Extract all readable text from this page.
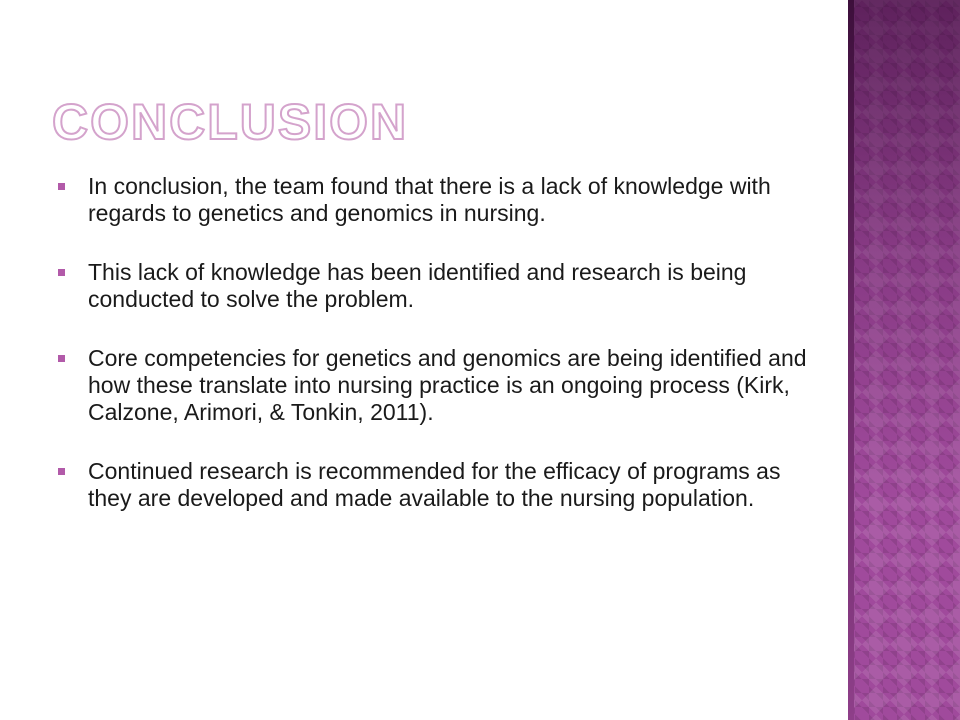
CONCLUSION
In conclusion, the team found that there is a lack of knowledge with regards to genetics and genomics in nursing.
This lack of knowledge has been identified and research is being conducted to solve the problem.
Core competencies for genetics and genomics are being identified and how these translate into nursing practice is an ongoing process (Kirk, Calzone, Arimori, & Tonkin, 2011).
Continued research is recommended for the efficacy of programs as they are developed and made available to the nursing population.
